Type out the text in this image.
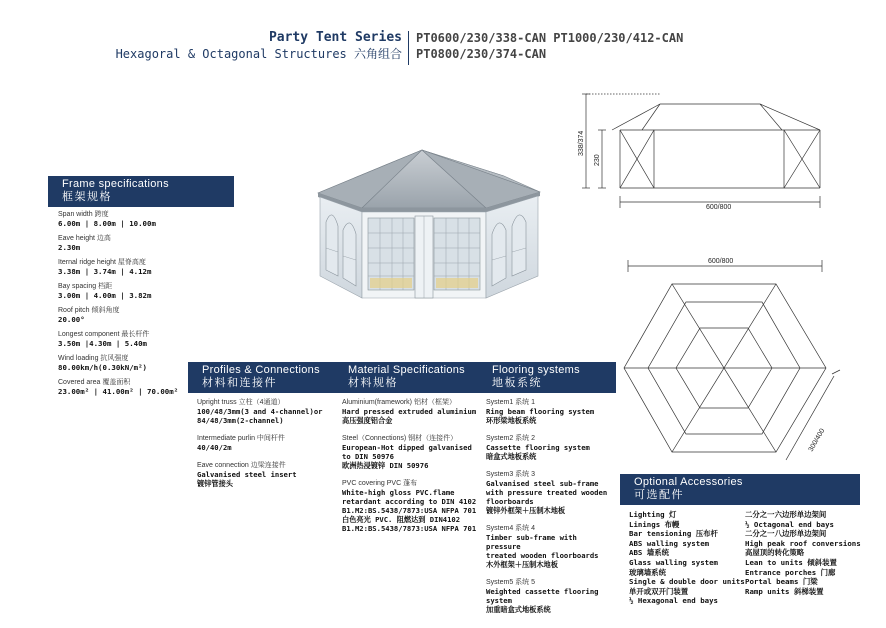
Party Tent Series
Hexagoral & Octagonal Structures 六角组合
PT0600/230/338-CAN PT1000/230/412-CAN
PT0800/230/374-CAN
338/374
230
600/800
600/800
300/400
Frame specifications
框架规格
Span width 跨度
6.00m | 8.00m | 10.00m
Eave height 边高
2.30m
Iternal ridge height 屋脊高度
3.38m | 3.74m | 4.12m
Bay spacing 档距
3.00m | 4.00m | 3.82m
Roof pitch 倾斜角度
20.00°
Longest component 最长杆件
3.50m |4.30m | 5.40m
Wind loading 抗风强度
80.00km/h(0.30kN/m²)
Covered area 覆盖面积
23.00m² | 41.00m² | 70.00m²
Profiles & Connections
材料和连接件
Upright truss 立柱（4通道）
100/48/3mm(3 and 4-channel)or
84/48/3mm(2-channel)
Intermediate purlin 中间杆件
40/40/2m
Eave connection 边梁连接件
Galvanised steel insert
镀锌管接头
Material Specifications
材料规格
Aluminium(framework) 铝材（框架）
Hard pressed extruded aluminium
高压强度铝合金
Steel（Connections) 钢材（连接件）
European-Hot dipped galvanised
to DIN 50976
欧洲热浸镀锌 DIN 50976
PVC covering PVC 蓬布
White-high gloss PVC.flame
retardant according to DIN 4102
B1.M2:BS.5438/7873:USA NFPA 701
白色亮光 PVC. 阻燃达到 DIN4102
B1.M2:BS.5438/7873:USA NFPA 701
Flooring systems
地板系统
System1 系统 1
Ring beam flooring system
环形梁地板系统
System2 系统 2
Cassette flooring system
暗盒式地板系统
System3 系统 3
Galvanised steel sub-frame
with pressure treated wooden
floorboards
镀锌外框架＋压制木地板
System4 系统 4
Timber sub-frame with pressure
treated wooden floorboards
木外框架＋压制木地板
System5 系统 5
Weighted cassette flooring
system
加重暗盒式地板系统
Optional Accessories
可选配件
Lighting 灯
Linings 布幔
Bar tensioning 压布杆
ABS walling system
ABS 墙系统
Glass walling system
玻璃墙系统
Single & double door units
单开或双开门装置
½ Hexagonal end bays
二分之一六边形单边架间
½ Octagonal end bays
二分之一八边形单边架间
High peak roof conversions
高屋顶的转化策略
Lean to units 倾斜装置
Entrance porches 门廊
Portal beams 门梁
Ramp units 斜梯装置
